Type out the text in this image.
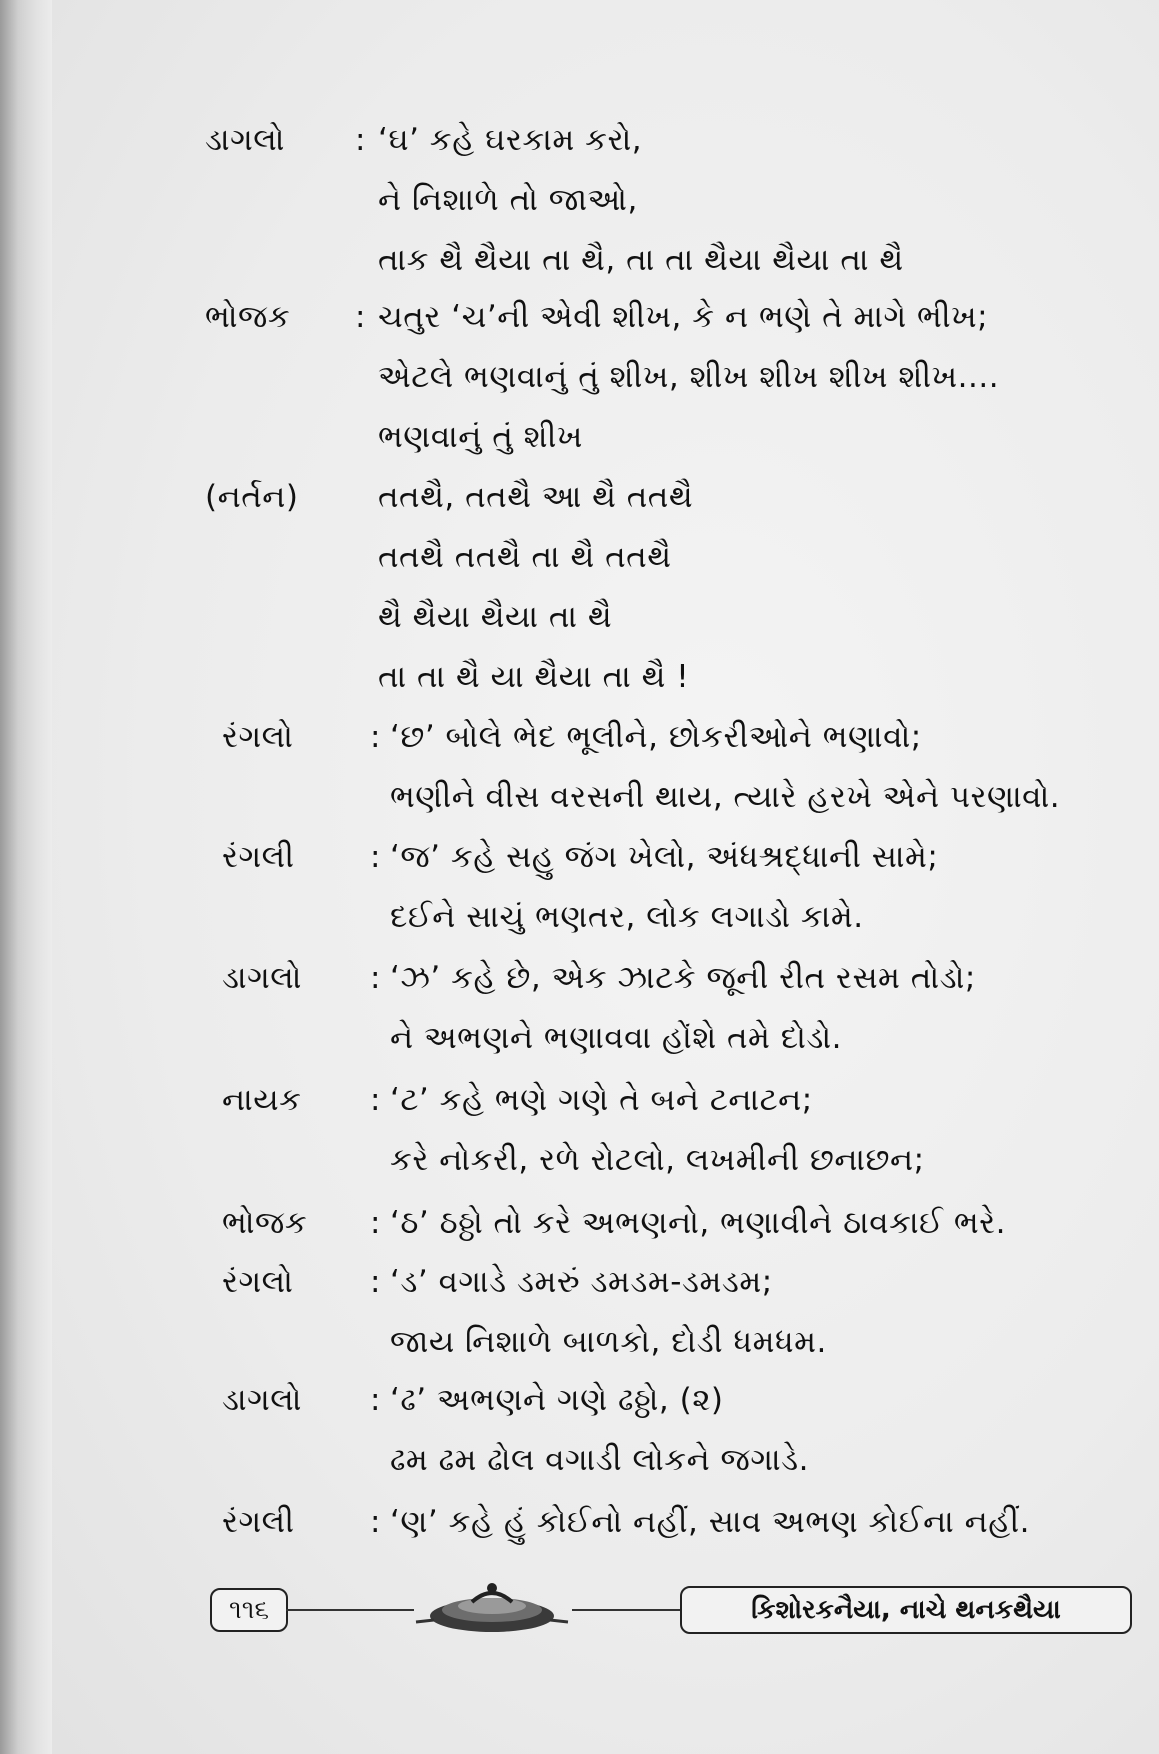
ડાગલો : ‘ઘ’ કહે ઘરકામ કરો,
ને નિશાળે તો જાઓ,
તાક થૈ થૈયા તા થૈ, તા તા થૈયા થૈયા તા થૈ
ભોજક : ચતુર ‘ચ’ની એવી શીખ, કે ન ભણે તે માગે ભીખ;
એટલે ભણવાનું તું શીખ, શીખ શીખ શીખ શીખ....
ભણવાનું તું શીખ
(નર્તન)	તતથૈ, તતથૈ આ થૈ તતથૈ
તતથૈ તતથૈ તા થૈ તતથૈ
થૈ થૈયા થૈયા તા થૈ
તા તા થૈ યા થૈયા તા થૈ !
રંગલો : ‘છ’ બોલે ભેદ ભૂલીને, છોકરીઓને ભણાવો;
ભણીને વીસ વરસની થાય, ત્યારે હરખે એને પરણાવો.
રંગલી : ‘જ’ કહે સહુ જંગ ખેલો, અંધશ્રદ્ધાની સામે;
દઈને સાચું ભણતર, લોક લગાડો કામે.
ડાગલો : ‘ઝ’ કહે છે, એક ઝાટકે જૂની રીત રસમ તોડો;
ને અભણને ભણાવવા હોંશે તમે દોડો.
નાયક : ‘ટ’ કહે ભણે ગણે તે બને ટનાટન;
કરે નોકરી, રળે રોટલો, લખમીની છનાછન;
ભોજક : ‘ઠ’ ઠઠ્ઠો તો કરે અભણનો, ભણાવીને ઠાવકાઈ ભરે.
રંગલો : ‘ડ’ વગાડે ડમરું ડમડમ-ડમડમ;
જાય નિશાળે બાળકો, દોડી ધમધમ.
ડાગલો : ‘ઢ’ અભણને ગણે ઢઠ્ઠો, (૨)
ઢમ ઢમ ઢોલ વગાડી લોકને જગાડે.
રંગલી : ‘ણ’ કહે હું કોઈનો નહીં, સાવ અભણ કોઈના નહીં.
૧૧૬	કિશોરકનૈયા, નાચે થનકથૈયા
